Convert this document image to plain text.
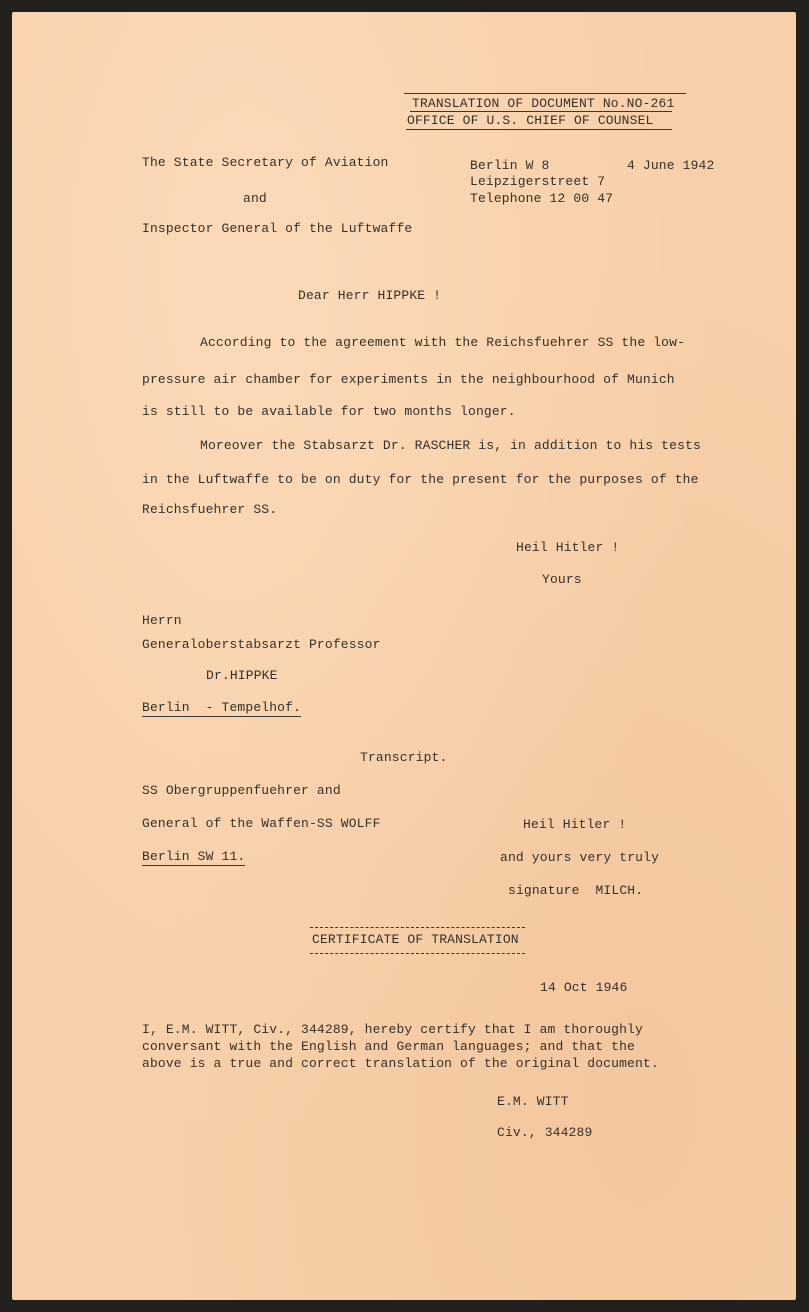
TRANSLATION OF DOCUMENT No.NO-261
OFFICE OF U.S. CHIEF OF COUNSEL
The State Secretary of Aviation
and
Inspector General of the Luftwaffe
Berlin W 8	4 June 1942
Leipzigerstreet 7
Telephone 12 00 47
Dear Herr HIPPKE !
According to the agreement with the Reichsfuehrer SS the low-
pressure air chamber for experiments in the neighbourhood of Munich
is still to be available for two months longer.
Moreover the Stabsarzt Dr. RASCHER is, in addition to his tests
in the Luftwaffe to be on duty for the present for the purposes of the
Reichsfuehrer SS.
Heil Hitler !
Yours
Herrn
Generaloberstabsarzt Professor
Dr.HIPPKE
Berlin  - Tempelhof.
Transcript.
SS Obergruppenfuehrer and
General of the Waffen-SS WOLFF
Berlin SW 11.
Heil Hitler !
and yours very truly
signature  MILCH.
CERTIFICATE OF TRANSLATION
14 Oct 1946
I, E.M. WITT, Civ., 344289, hereby certify that I am thoroughly
conversant with the English and German languages; and that the
above is a true and correct translation of the original document.
E.M. WITT
Civ., 344289
